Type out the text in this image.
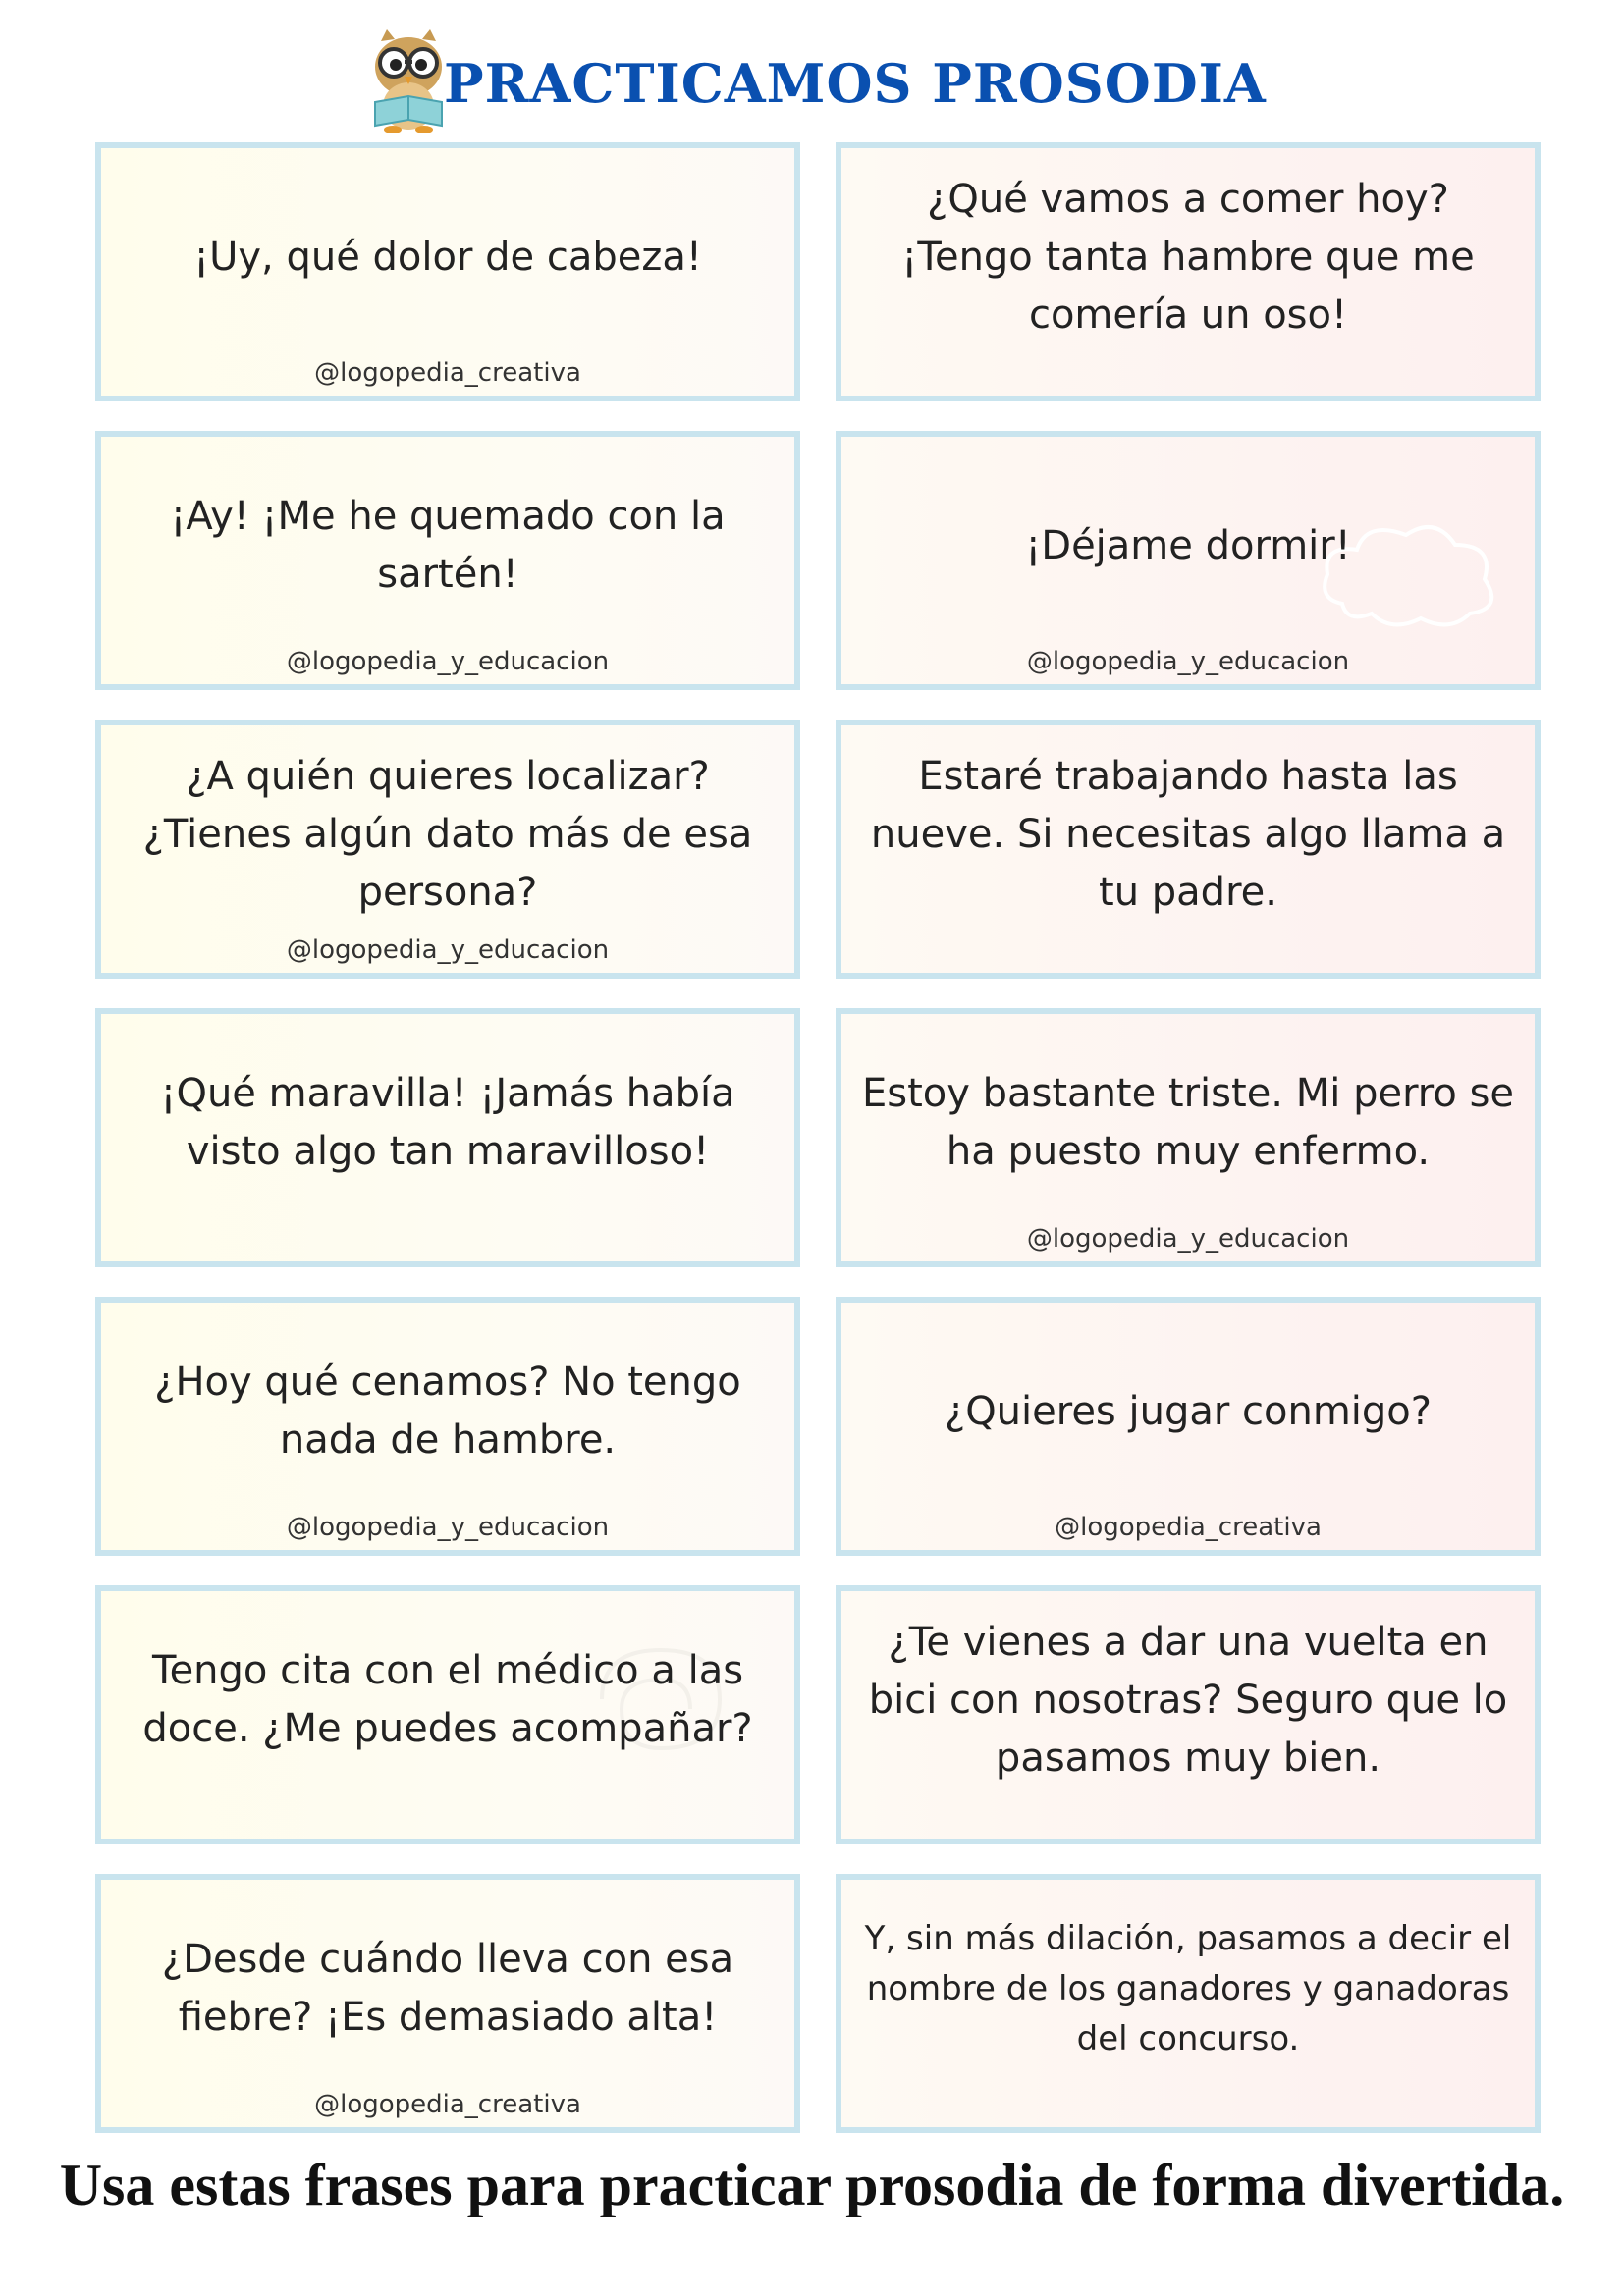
PRACTICAMOS PROSODIA
¡Uy, qué dolor de cabeza!
@logopedia_creativa
¿Qué vamos a comer hoy? ¡Tengo tanta hambre que me comería un oso!
¡Ay! ¡Me he quemado con la sartén!
@logopedia_y_educacion
¡Déjame dormir!
@logopedia_y_educacion
¿A quién quieres localizar? ¿Tienes algún dato más de esa persona?
@logopedia_y_educacion
Estaré trabajando hasta las nueve. Si necesitas algo llama a tu padre.
¡Qué maravilla! ¡Jamás había visto algo tan maravilloso!
Estoy bastante triste. Mi perro se ha puesto muy enfermo.
@logopedia_y_educacion
¿Hoy qué cenamos? No tengo nada de hambre.
@logopedia_y_educacion
¿Quieres jugar conmigo?
@logopedia_creativa
Tengo cita con el médico a las doce. ¿Me puedes acompañar?
¿Te vienes a dar una vuelta en bici con nosotras? Seguro que lo pasamos muy bien.
¿Desde cuándo lleva con esa fiebre? ¡Es demasiado alta!
@logopedia_creativa
Y, sin más dilación, pasamos a decir el nombre de los ganadores y ganadoras del concurso.
Usa estas frases para practicar prosodia de forma divertida.
